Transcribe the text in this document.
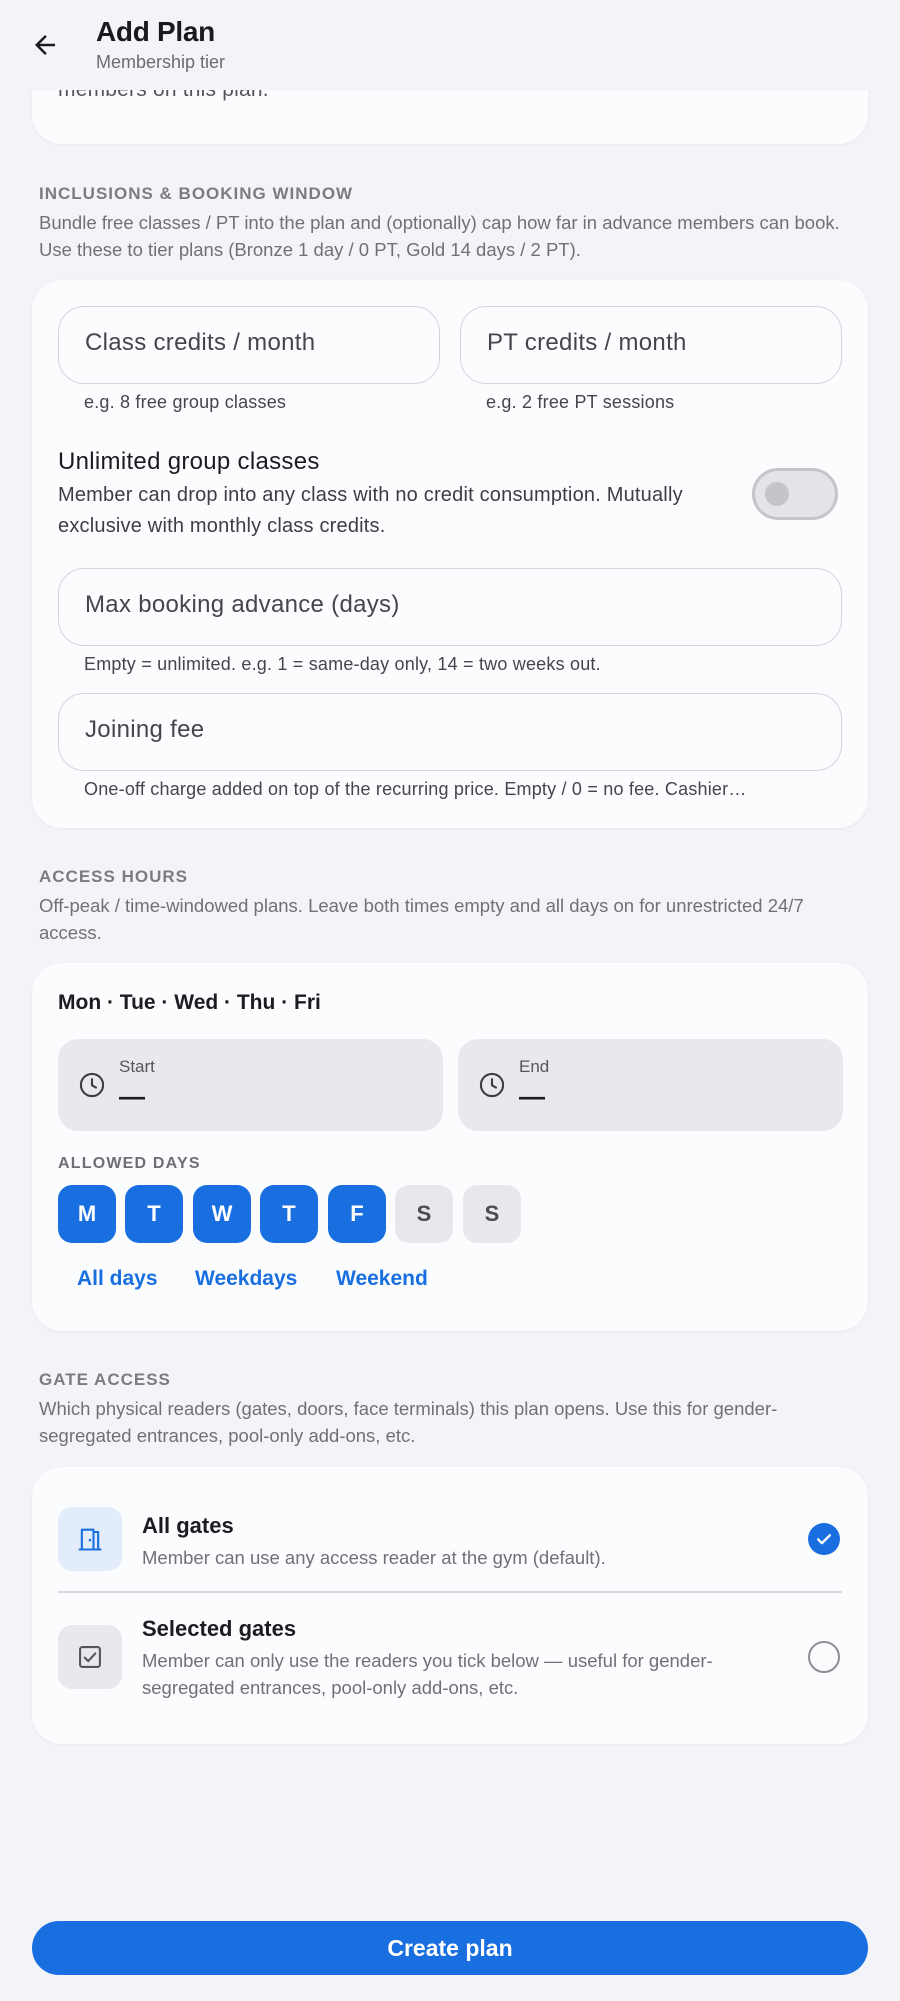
Add Plan
Membership tier
INCLUSIONS & BOOKING WINDOW
Bundle free classes / PT into the plan and (optionally) cap how far in advance members can book. Use these to tier plans (Bronze 1 day / 0 PT, Gold 14 days / 2 PT).
Class credits / month
e.g. 8 free group classes
PT credits / month
e.g. 2 free PT sessions
Unlimited group classes
Member can drop into any class with no credit consumption. Mutually exclusive with monthly class credits.
Max booking advance (days)
Empty = unlimited. e.g. 1 = same-day only, 14 = two weeks out.
Joining fee
One-off charge added on top of the recurring price. Empty / 0 = no fee. Cashier…
ACCESS HOURS
Off-peak / time-windowed plans. Leave both times empty and all days on for unrestricted 24/7 access.
Mon · Tue · Wed · Thu · Fri
Start
—
End
—
ALLOWED DAYS
M	T	W	T	F	S	S
All days Weekdays Weekend
GATE ACCESS
Which physical readers (gates, doors, face terminals) this plan opens. Use this for gender-segregated entrances, pool-only add-ons, etc.
All gates
Member can use any access reader at the gym (default).
Selected gates
Member can only use the readers you tick below — useful for gender-segregated entrances, pool-only add-ons, etc.
Create plan
